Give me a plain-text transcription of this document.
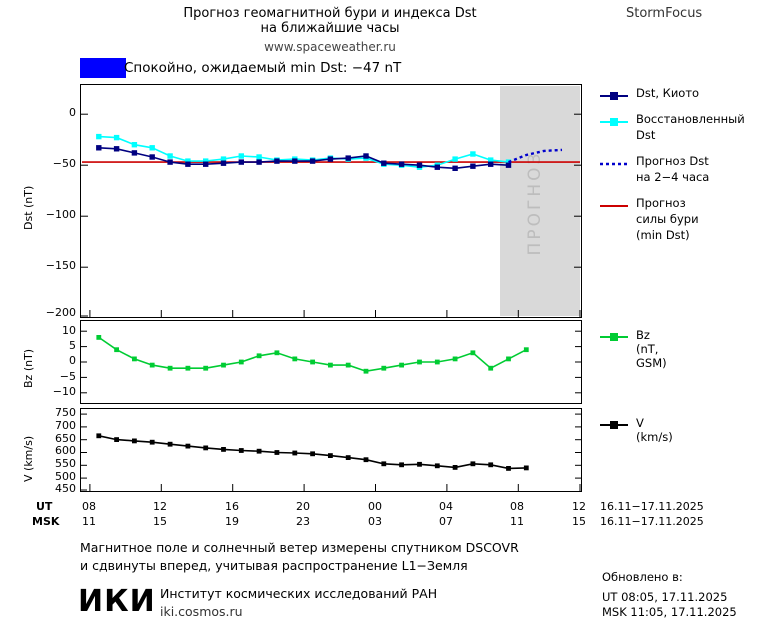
Прогноз геомагнитной бури и индекса Dst
на ближайшие часы
www.spaceweather.ru
StormFocus
Спокойно, ожидаемый min Dst: −47 nT
ПРОГНОЗ
0
−50
−100
−150
−200
Dst (nT)
Dst, Киото
Восстановленный
Dst
Прогноз Dst
на 2−4 часа
Прогноз
силы бури
(min Dst)
10
5
0
−5
−10
Bz (nT)
Bz (nT, GSM)
750
700
650
600
550
500
450
V (km/s)
V (km/s)
UT
MSK
08	12	16	20	00	04	08	12	16.11−17.11.2025
11	15	19	23	03	07	11	15	16.11−17.11.2025
Магнитное поле и солнечный ветер измерены спутником DSCOVR
и сдвинуты вперед, учитывая распространение L1−Земля
ИКИ Институт космических исследований РАН
iki.cosmos.ru
Обновлено в:
UT 08:05, 17.11.2025
MSK 11:05, 17.11.2025
